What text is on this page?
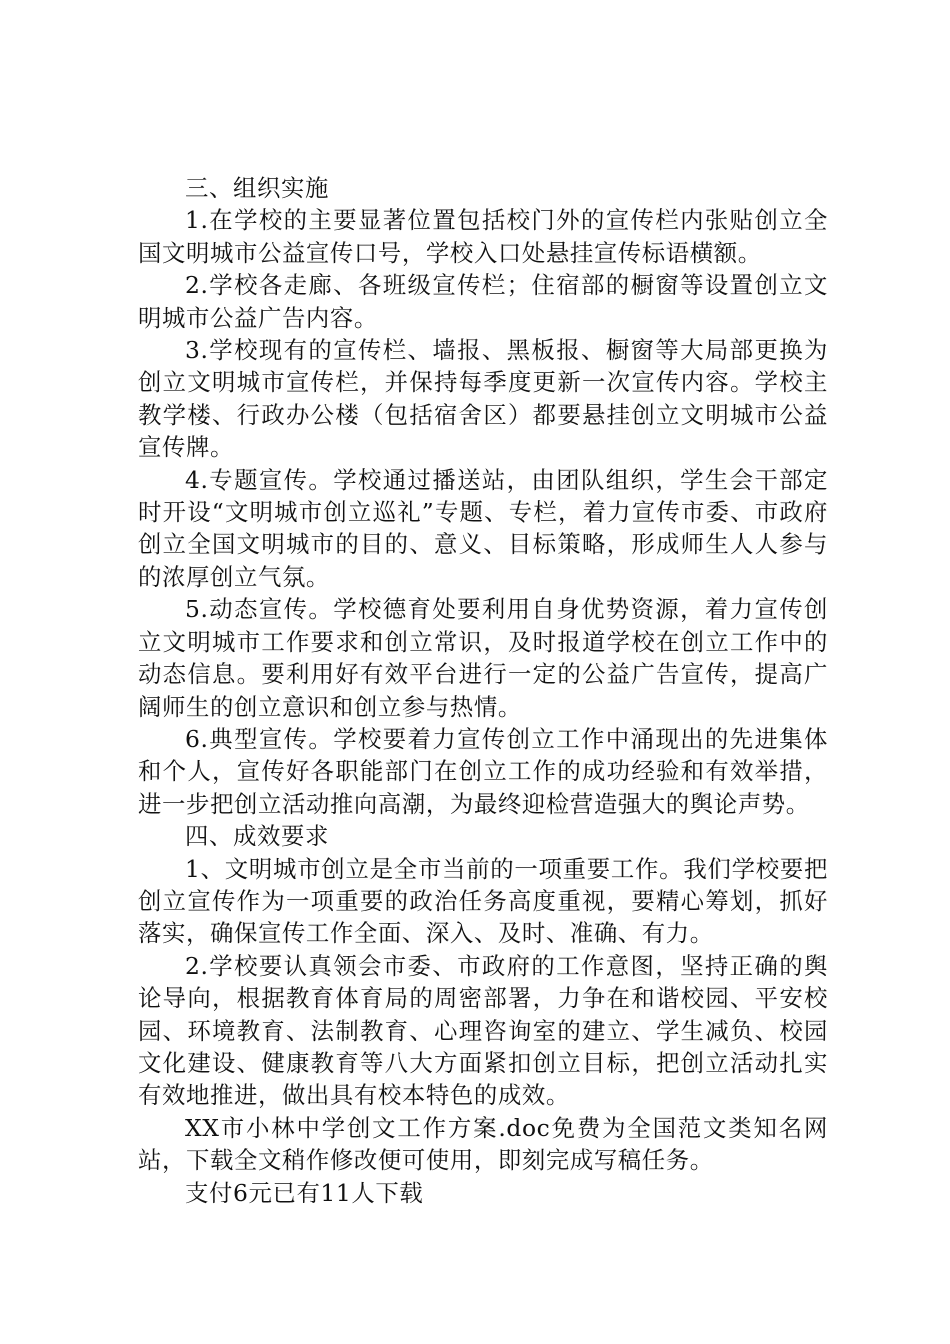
三、组织实施

1.在学校的主要显著位置包括校门外的宣传栏内张贴创立全国文明城市公益宣传口号，学校入口处悬挂宣传标语横额。

2.学校各走廊、各班级宣传栏；住宿部的橱窗等设置创立文明城市公益广告内容。

3.学校现有的宣传栏、墙报、黑板报、橱窗等大局部更换为创立文明城市宣传栏，并保持每季度更新一次宣传内容。学校主教学楼、行政办公楼（包括宿舍区）都要悬挂创立文明城市公益宣传牌。

4.专题宣传。学校通过播送站，由团队组织，学生会干部定时开设“文明城市创立巡礼”专题、专栏，着力宣传市委、市政府创立全国文明城市的目的、意义、目标策略，形成师生人人参与的浓厚创立气氛。

5.动态宣传。学校德育处要利用自身优势资源，着力宣传创立文明城市工作要求和创立常识，及时报道学校在创立工作中的动态信息。要利用好有效平台进行一定的公益广告宣传，提高广阔师生的创立意识和创立参与热情。

6.典型宣传。学校要着力宣传创立工作中涌现出的先进集体和个人，宣传好各职能部门在创立工作的成功经验和有效举措，进一步把创立活动推向高潮，为最终迎检营造强大的舆论声势。

四、成效要求

1、文明城市创立是全市当前的一项重要工作。我们学校要把创立宣传作为一项重要的政治任务高度重视，要精心筹划，抓好落实，确保宣传工作全面、深入、及时、准确、有力。

2.学校要认真领会市委、市政府的工作意图，坚持正确的舆论导向，根据教育体育局的周密部署，力争在和谐校园、平安校园、环境教育、法制教育、心理咨询室的建立、学生减负、校园文化建设、健康教育等八大方面紧扣创立目标，把创立活动扎实有效地推进，做出具有校本特色的成效。

XX市小林中学创文工作方案.doc免费为全国范文类知名网站，下载全文稍作修改便可使用，即刻完成写稿任务。

支付6元已有11人下载
